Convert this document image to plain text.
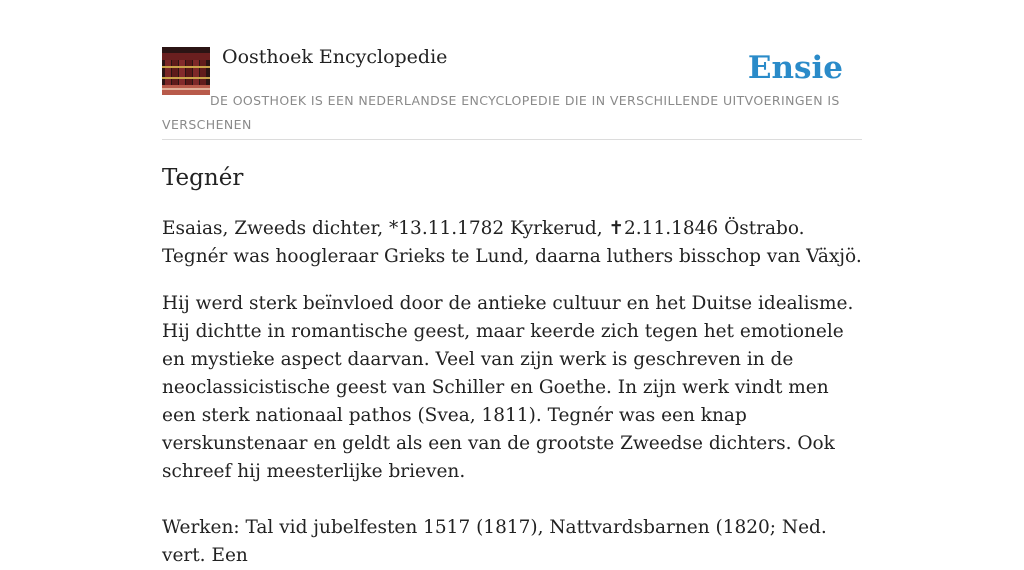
Oosthoek Encyclopedie	Ensie
DE OOSTHOEK IS EEN NEDERLANDSE ENCYCLOPEDIE DIE IN VERSCHILLENDE UITVOERINGEN IS VERSCHENEN
Tegnér

Esaias, Zweeds dichter, *13.11.1782 Kyrkerud, ✝2.11.1846 Östrabo. Tegnér was hoogleraar Grieks te Lund, daarna luthers bisschop van Växjö.

Hij werd sterk beïnvloed door de antieke cultuur en het Duitse idealisme. Hij dichtte in romantische geest, maar keerde zich tegen het emotionele en mystieke aspect daarvan. Veel van zijn werk is geschreven in de neoclassicistische geest van Schiller en Goethe. In zijn werk vindt men een sterk nationaal pathos (Svea, 1811). Tegnér was een knap verskunstenaar en geldt als een van de grootste Zweedse dichters. Ook schreef hij meesterlijke brieven.

Werken: Tal vid jubelfesten 1517 (1817), Nattvardsbarnen (1820; Ned. vert. Een
